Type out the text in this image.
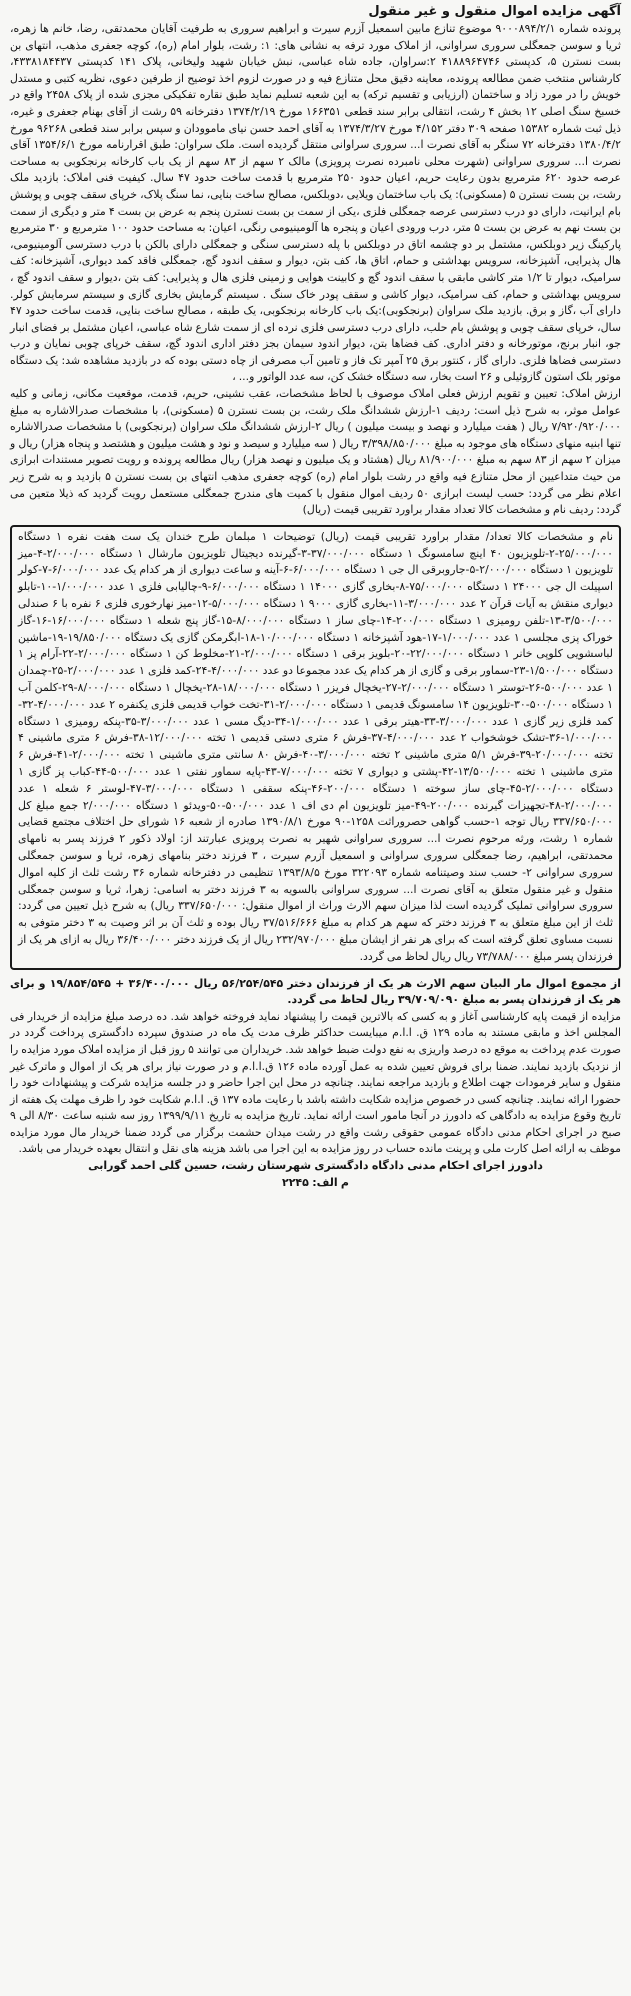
آگهی مزایده اموال منقول و غیر منقول

پرونده شماره ۹۰۰۰۸۹۴/۲/۱ موضوع تنازع مابین اسمعیل آزرم سیرت و ابراهیم سروری به طرفیت آقایان محمدتقی، رضا، خانم ها زهره، ثریا و سوسن جمعگلی سروری سراوانی، از املاک مورد ترفه به نشانی های: ۱: رشت، بلوار امام (ره)، کوچه جعفری مذهب، انتهای بن بست نسترن ۵، کدپستی ۴۱۸۸۹۶۴۷۴۶ ۲:سراوان، جاده شاه عباسی، نبش خیابان شهید ولیخانی، پلاک ۱۴۱ کدپستی ۴۳۳۸۱۸۴۴۳۷، کارشناس منتخب ضمن مطالعه پرونده، معاینه دقیق محل متنازع فیه و در صورت لزوم اخذ توضیح از طرفین دعوی، نظریه کتبی و مستدل خویش را در مورد زاد و ساختمان (ارزیابی و تقسیم ترکه) به این شعبه تسلیم نماید طبق نقاره تفکیکی مجزی شده از پلاک ۲۴۵۸ واقع در خسبخ سنگ اصلی ۱۲ بخش ۴ رشت، انتقالی برابر سند قطعی ۱۶۶۳۵۱ مورخ ۱۳۷۴/۲/۱۹ دفترخانه ۵۹ رشت از آقای بهنام جعفری و غیره، ذیل ثبت شماره ۱۵۳۸۲ صفحه ۳۰۹ دفتر ۴/۱۵۲ مورخ ۱۳۷۴/۳/۲۷ به آقای احمد حسن نیای ماموودان و سپس برابر سند قطعی ۹۶۲۶۸ مورخ ۱۳۸۰/۴/۲ دفترخانه ۷۲ سنگر به آقای نصرت ا... سروری سراوانی منتقل گردیده است. ملک سراوان: طبق اقرارنامه مورخ ۱۳۵۴/۶/۱ آقای نصرت ا... سروری سراوانی (شهرت محلی نامبرده نصرت پرویزی) مالک ۲ سهم از ۸۳ سهم از یک باب کارخانه برنجکوبی به مساحت عرصه حدود ۶۲۰ مترمربع بدون رعایت حریم، اعیان حدود ۲۵۰ مترمربع با قدمت ساخت حدود ۴۷ سال. کیفیت فنی املاک: بازدید ملک رشت، بن بست نسترن ۵ (مسکونی): یک باب ساختمان ویلایی ،دوبلکس، مصالح ساخت بنایی، نما سنگ پلاک، خرپای سقف چوبی و پوشش بام ایرانیت، دارای دو درب دسترسی عرصه جمعگلی فلزی ،یکی از سمت بن بست نسترن پنجم به عرض بن بست ۴ متر و دیگری از سمت بن بست نهم به عرض بن بست ۵ متر، درب ورودی اعیان و پنجره ها آلومینیومی رنگی، اعیان: به مساحت حدود ۱۰۰ مترمربع و ۳۰ مترمربع پارکینگ زیر دوبلکس، مشتمل بر دو چشمه اتاق در دوبلکس با پله دسترسی سنگی و جمعگلی دارای بالکن با درب دسترسی آلومینیومی، هال پذیرایی، آشپزخانه، سرویس بهداشتی و حمام، اتاق ها، کف بتن، دیوار و سقف اندود گچ، جمعگلی فاقد کمد دیواری، آشپزخانه: کف سرامیک، دیوار تا ۱/۲ متر کاشی مابقی با سقف اندود گچ و کابینت هوایی و زمینی فلزی هال و پذیرایی: کف بتن ،دیوار و سقف اندود گچ ، سرویس بهداشتی و حمام، کف سرامیک، دیوار کاشی و سقف پودر خاک سنگ . سیستم گرمایش بخاری گازی و سیستم سرمایش کولر. دارای آب ،گاز و برق. بازدید ملک سراوان (برنجکوبی):یک باب کارخانه برنجکوبی، یک طبقه ، مصالح ساخت بنایی، قدمت ساخت حدود ۴۷ سال، خرپای سقف چوبی و پوشش بام حلب، دارای درب دسترسی فلزی نرده ای از سمت شارع شاه عباسی، اعیان مشتمل بر فضای انبار جو، انبار برنج، موتورخانه و دفتر اداری. کف فضاها بتن، دیوار اندود سیمان بجز دفتر اداری اندود گچ، سقف خرپای چوبی نمایان و درب دسترسی فضاها فلزی. دارای گاز ، کنتور برق ۲۵ آمپر تک فاز و تامین آب مصرفی از چاه دستی بوده که در بازدید مشاهده شد: یک دستگاه موتور بلک استون گازوئیلی و ۲۶ است بخار، سه دستگاه خشک کن، سه عدد الواتور و... ،

ارزش املاک: تعیین و تقویم ارزش فعلی املاک موصوف با لحاظ مشخصات، عقب نشینی، حریم، قدمت، موقعیت مکانی، زمانی و کلیه عوامل موثر، به شرح ذیل است: ردیف ۱-ارزش ششدانگ ملک رشت، بن بست نسترن ۵ (مسکونی)، با مشخصات صدرالاشاره به مبلغ ۷/۹۲۰/۹۲۰/۰۰۰ ریال ( هفت میلیارد و نهصد و بیست میلیون ) ریال ۲-ارزش ششدانگ ملک سراوان (برنجکوبی) با مشخصات صدرالاشاره تنها ابنیه منهای دستگاه های موجود به مبلغ ۳/۳۹۸/۸۵۰/۰۰۰ ریال ( سه میلیارد و سیصد و نود و هشت میلیون و هشتصد و پنجاه هزار) ریال و میزان ۲ سهم از ۸۳ سهم به مبلغ ۸۱/۹۰۰/۰۰۰ ریال (هشتاد و یک میلیون و نهصد هزار) ریال مطالعه پرونده و رویت تصویر مستندات ابرازی من حیث متداعیین از محل متنازع فیه واقع در رشت بلوار امام (ره) کوچه جعفری مذهب انتهای بن بست نسترن ۵ بازدید و به شرح زیر اعلام نظر می گردد: حسب لیست ابرازی ۵۰ ردیف اموال منقول با کمیت های مندرج جمعگلی مستعمل رویت گردید که ذیلا متعین می گردد: ردیف نام و مشخصات کالا تعداد مقدار براورد تقریبی قیمت (ریال)

نام و مشخصات کالا تعداد/ مقدار براورد تقریبی قیمت (ریال) توضیحات ۱ مبلمان طرح خندان یک ست هفت نفره ۱ دستگاه ۲۵/۰۰۰/۰۰۰-۲-تلویزیون ۴۰ اینچ سامسونگ ۱ دستگاه ۳۷/۰۰۰/۰۰۰-۳-گیرنده دیجیتال تلویزیون مارشال ۱ دستگاه ۲/۰۰۰/۰۰۰-۴-میز تلویزیون ۱ دستگاه ۲/۰۰۰/۰۰۰-۵-جاروبرقی ال جی ۱ دستگاه ۶/۰۰۰/۰۰۰-۶-آینه و ساعت دیواری از هر کدام یک عدد ۶/۰۰۰/۰۰۰-۷-کولر اسپیلت ال جی ۲۴۰۰۰ ۱ دستگاه ۷۵/۰۰۰/۰۰۰-۸-بخاری گازی ۱۴۰۰۰ ۱ دستگاه ۶/۰۰۰/۰۰۰-۹-چالیابی فلزی ۱ عدد ۱/۰۰۰/۰۰۰-۱۰-تابلو دیواری منقش به آیات قرآن ۲ عدد ۳/۰۰۰/۰۰۰-۱۱-بخاری گازی ۹۰۰۰ ۱ دستگاه ۵/۰۰۰/۰۰۰-۱۲-میز نهارخوری فلزی ۶ نفره با ۶ صندلی ۳/۵۰۰/۰۰۰-۱۳-تلفن رومیزی ۱ دستگاه ۲۰۰/۰۰۰-۱۴-چای ساز ۱ دستگاه ۸/۰۰۰/۰۰۰-۱۵-گاز پنج شعله ۱ دستگاه ۱۶/۰۰۰/۰۰۰-۱۶-گاز خوراک پزی مجلسی ۱ عدد ۱/۰۰۰/۰۰۰-۱۷-هود آشپزخانه ۱ دستگاه ۱۰/۰۰۰/۰۰۰-۱۸-ابگرمکن گازی یک دستگاه ۱۹/۸۵۰/۰۰۰-۱۹-ماشین لباسشویی کلوپی خانر ۱ دستگاه ۲۲/۰۰۰/۰۰۰-۲۰-بلویز برقی ۱ دستگاه ۲/۰۰۰/۰۰۰-۲۱-مخلوط کن ۱ دستگاه ۲/۰۰۰/۰۰۰-۲۲-آرام پز ۱ دستگاه ۱/۵۰۰/۰۰۰-۲۳-سماور برقی و گازی از هر کدام یک عدد مجموعا دو عدد ۴/۰۰۰/۰۰۰-۲۴-کمد فلزی ۱ عدد ۲/۰۰۰/۰۰۰-۲۵-چمدان ۱ عدد ۵۰۰/۰۰۰-۲۶-توستر ۱ دستگاه ۲/۰۰۰/۰۰۰-۲۷-یخچال فریزر ۱ دستگاه ۱۸/۰۰۰/۰۰۰-۲۸-یخچال ۱ دستگاه ۸/۰۰۰/۰۰۰-۲۹-کلمن آب ۱ دستگاه ۵۰۰/۰۰۰-۳۰-تلویزیون ۱۴ سامسونگ قدیمی ۱ دستگاه ۲/۰۰۰/۰۰۰-۳۱-تخت خواب قدیمی فلزی یکنفره ۲ عدد ۴/۰۰۰/۰۰۰-۳۲-کمد فلزی زیر گازی ۱ عدد ۳/۰۰۰/۰۰۰-۳۳-هیتر برقی ۱ عدد ۱/۰۰۰/۰۰۰-۳۴-دیگ مسی ۱ عدد ۳/۰۰۰/۰۰۰-۳۵-پنکه رومیزی ۱ دستگاه ۱/۰۰۰/۰۰۰-۳۶-تشک خوشخواب ۲ عدد ۴/۰۰۰/۰۰۰-۳۷-فرش ۶ متری دستی قدیمی ۱ تخته ۱۲/۰۰۰/۰۰۰-۳۸-فرش ۶ متری ماشینی ۴ تخته ۲۰/۰۰۰/۰۰۰-۳۹-فرش ۵/۱ متری ماشینی ۲ تخته ۳/۰۰۰/۰۰۰-۴۰-فرش ۸۰ سانتی متری ماشینی ۱ تخته ۲/۰۰۰/۰۰۰-۴۱-فرش ۶ متری ماشینی ۱ تخته ۱۳/۵۰۰/۰۰۰-۴۲-پشتی و دیواری ۷ تخته ۷/۰۰۰/۰۰۰-۴۳-پایه سماور نفتی ۱ عدد ۵۰۰/۰۰۰-۴۴-کباب پز گازی ۱ دستگاه ۲/۰۰۰/۰۰۰-۴۵-چای ساز سوخته ۱ دستگاه ۲۰۰/۰۰۰-۴۶-پنکه سقفی ۱ دستگاه ۳/۰۰۰/۰۰۰-۴۷-لوستر ۶ شعله ۱ عدد ۲/۰۰۰/۰۰۰-۴۸-تجهیزات گیرنده ۲۰۰/۰۰۰-۴۹-میز تلویزیون ام دی اف ۱ عدد ۵۰۰/۰۰۰-۵۰-ویدئو ۱ دستگاه ۲/۰۰۰/۰۰۰ جمع مبلغ کل ۳۳۷/۶۵۰/۰۰۰ ریال توجه ۱-حسب گواهی حصروراثت ۱۲۵۸-۹۰ مورخ ۱۳۹۰/۸/۱ صادره از شعبه ۱۶ شورای حل اختلاف مجتمع قضایی شماره ۱ رشت، ورثه مرحوم نصرت ا... سروری سراوانی شهیر به نصرت پرویزی عبارتند از: اولاد ذکور ۲ فرزند پسر به نامهای محمدتقی، ابراهیم، رضا جمعگلی سروری سراوانی و اسمعیل آزرم سیرت ، ۳ فرزند دختر بنامهای زهره، ثریا و سوسن جمعگلی سروری سراوانی ۲- حسب سند وصیتنامه شماره ۳۲۲۰۹۳ مورخ ۱۳۹۳/۸/۵ تنظیمی در دفترخانه شماره ۳۶ رشت ثلث از کلیه اموال منقول و غیر منقول متعلق به آقای نصرت ا... سروری سراوانی بالسویه به ۳ فرزند دختر به اسامی: زهرا، ثریا و سوسن جمعگلی سروری سراوانی تملیک گردیده است لذا میزان سهم الارث وراث از اموال منقول: ۳۳۷/۶۵۰/۰۰۰ ریال) به شرح ذیل تعیین می گردد: ثلث از این مبلغ متعلق به ۳ فرزند دختر که سهم هر کدام به مبلغ ۳۷/۵۱۶/۶۶۶ ریال بوده و ثلث آن بر اثر وصیت به ۳ دختر متوفی به نسبت مساوی تعلق گرفته است که برای هر نفر از ایشان مبلغ ۲۳۲/۹۷۰/۰۰۰ ریال از یک فرزند دختر ۳۶/۴۰۰/۰۰۰ ریال به ازای هر یک از فرزندان پسر مبلغ ۷۳/۷۸۸/۰۰۰ ریال ریال لحاظ می گردد.

از مجموع اموال مار البیان سهم الارث هر یک از فرزندان دختر ۵۶/۲۵۴/۵۴۵ ریال ۳۶/۴۰۰/۰۰۰ + ۱۹/۸۵۴/۵۴۵ و برای هر یک از فرزندان پسر به مبلغ ۳۹/۷۰۹/۰۹۰ ریال لحاظ می گردد.

مزایده از قیمت پایه کارشناسی آغاز و به کسی که بالاترین قیمت را پیشنهاد نماید فروخته خواهد شد. ده درصد مبلغ مزایده از خریدار فی المجلس اخذ و مابقی مستند به ماده ۱۲۹ ق. ا.ا.م میبایست حداکثر ظرف مدت یک ماه در صندوق سپرده دادگستری پرداخت گردد در صورت عدم پرداخت به موقع ده درصد واریزی به نفع دولت ضبط خواهد شد. خریداران می توانند ۵ روز قبل از مزایده املاک مورد مزایده را از نزدیک بازدید نمایند. ضمنا برای فروش تعیین شده به عمل آورده ماده ۱۲۶ ق.ا.ا.م و در صورت نیاز برای هر یک از اموال و ماترک غیر منقول و سایر فرمودات جهت اطلاع و بازدید مراجعه نمایند. چنانچه در محل این اجرا حاضر و در جلسه مزایده شرکت و پیشنهادات خود را حضورا ارائه نمایند. چنانچه کسی در خصوص مزایده شکایت داشته باشد با رعایت ماده ۱۳۷ ق. ا.ا.م شکایت خود را ظرف مهلت یک هفته از تاریخ وقوع مزایده به دادگاهی که دادورز در آنجا مامور است ارائه نماید. تاریخ مزایده به تاریخ ۱۳۹۹/۹/۱۱ روز سه شنبه ساعت ۸/۳۰ الی ۹ صبح در اجرای احکام مدنی دادگاه عمومی حقوقی رشت واقع در رشت میدان حشمت برگزار می گردد ضمنا خریدار مال مورد مزایده موظف به ارائه اصل کارت ملی و پرینت مانده حساب در روز مزایده به این اجرا می باشد هزینه های نقل و انتقال بعهده خریدار می باشد.

دادورز اجرای احکام مدنی دادگاه دادگستری شهرستان رشت، حسین گلی احمد گورابی

م الف: ۲۲۴۵
